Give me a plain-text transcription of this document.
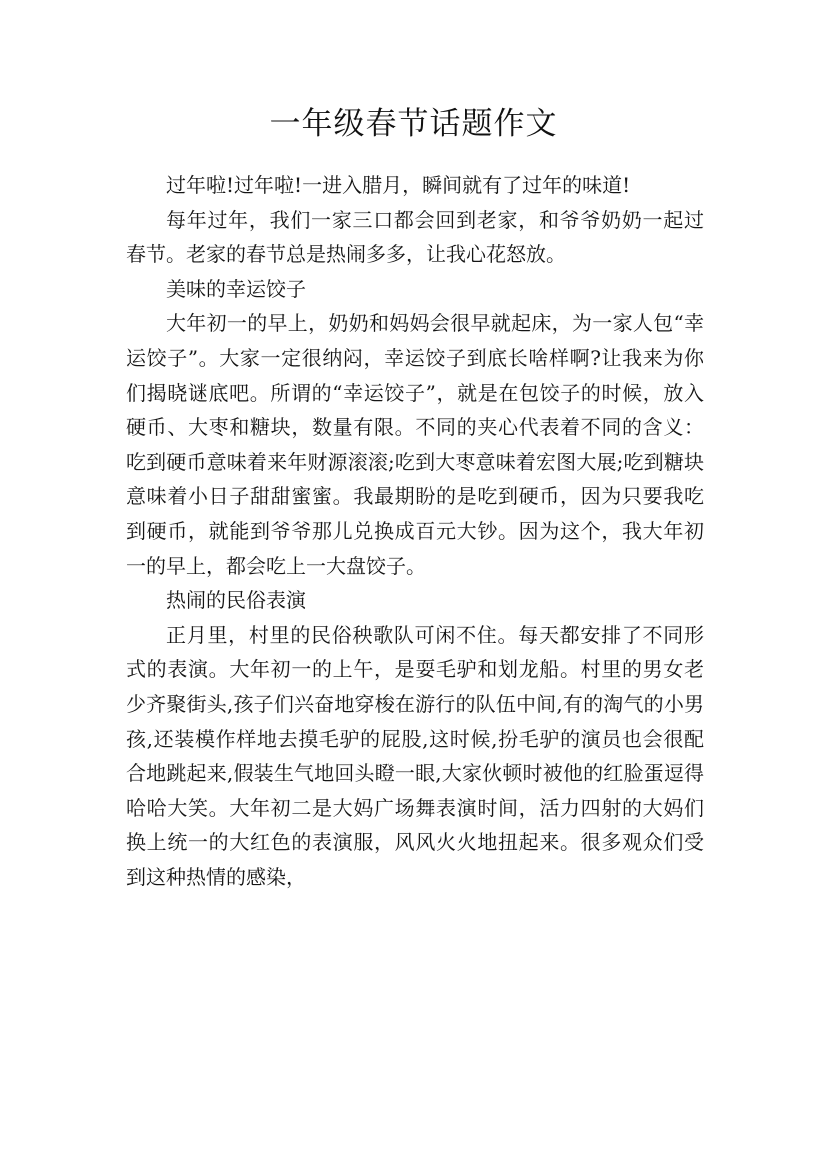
一年级春节话题作文

过年啦!过年啦!一进入腊月，瞬间就有了过年的味道!

每年过年，我们一家三口都会回到老家，和爷爷奶奶一起过春节。老家的春节总是热闹多多，让我心花怒放。

美味的幸运饺子

大年初一的早上，奶奶和妈妈会很早就起床，为一家人包“幸运饺子”。大家一定很纳闷，幸运饺子到底长啥样啊?让我来为你们揭晓谜底吧。所谓的“幸运饺子”，就是在包饺子的时候，放入硬币、大枣和糖块，数量有限。不同的夹心代表着不同的含义：吃到硬币意味着来年财源滚滚;吃到大枣意味着宏图大展;吃到糖块意味着小日子甜甜蜜蜜。我最期盼的是吃到硬币，因为只要我吃到硬币，就能到爷爷那儿兑换成百元大钞。因为这个，我大年初一的早上，都会吃上一大盘饺子。

热闹的民俗表演

正月里，村里的民俗秧歌队可闲不住。每天都安排了不同形式的表演。大年初一的上午，是耍毛驴和划龙船。村里的男女老少齐聚街头,孩子们兴奋地穿梭在游行的队伍中间,有的淘气的小男孩,还装模作样地去摸毛驴的屁股,这时候,扮毛驴的演员也会很配合地跳起来,假装生气地回头瞪一眼,大家伙顿时被他的红脸蛋逗得哈哈大笑。大年初二是大妈广场舞表演时间，活力四射的大妈们换上统一的大红色的表演服，风风火火地扭起来。很多观众们受到这种热情的感染，
